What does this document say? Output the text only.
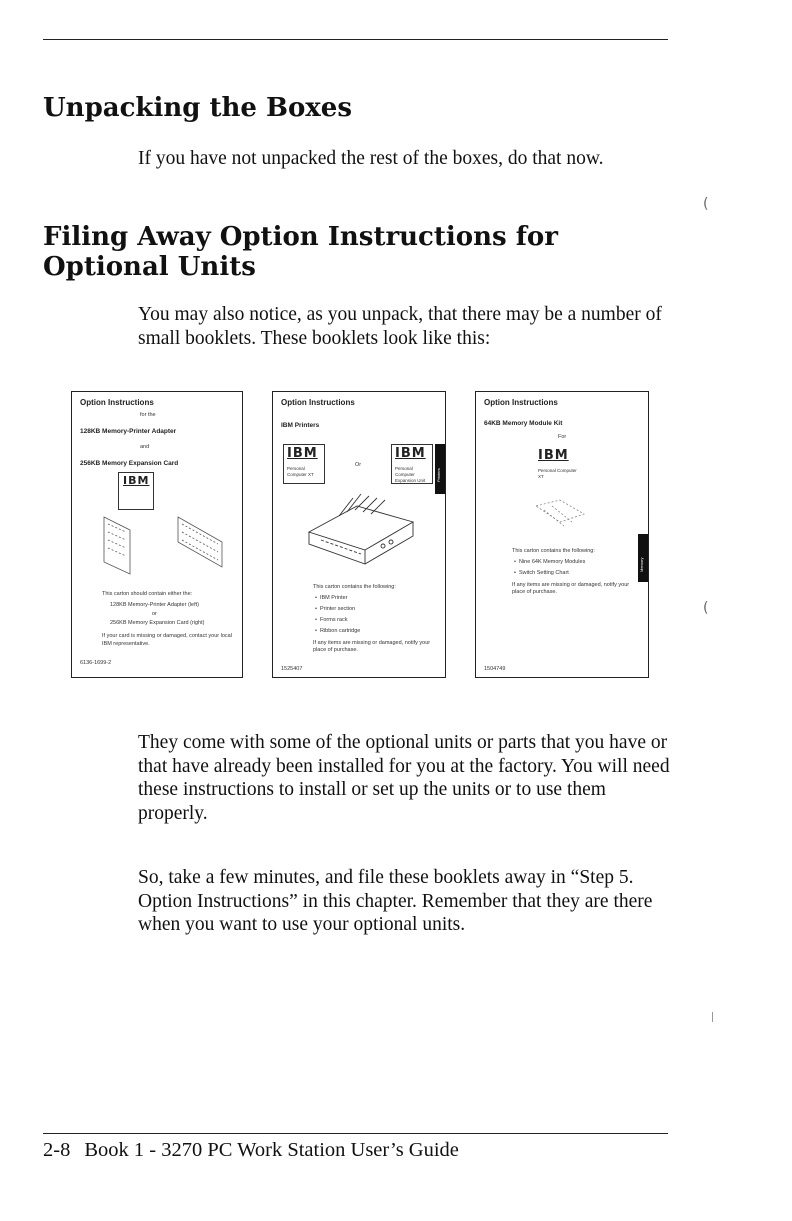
Unpacking the Boxes

If you have not unpacked the rest of the boxes, do that now.

Filing Away Option Instructions for Optional Units

You may also notice, as you unpack, that there may be a number of small booklets. These booklets look like this:

Option Instructions
for the
128KB Memory-Printer Adapter
and
256KB Memory Expansion Card
IBM
This carton should contain either the:
128KB Memory-Printer Adapter (left)
or
256KB Memory Expansion Card (right)
If your card is missing or damaged, contact your local IBM representative.
6136-1699-2
Option Instructions
IBM Printers
IBM
Personal Computer XT
Or
IBM
Personal Computer Expansion Unit	Printers
This carton contains the following:
•  IBM Printer
•  Printer section
•  Forms rack
•  Ribbon cartridge
If any items are missing or damaged, notify your place of purchase.
1525407
Option Instructions
64KB Memory Module Kit
For
IBM
Personal Computer XT
Memory
This carton contains the following:
•  Nine 64K Memory Modules
•  Switch Setting Chart
If any items are missing or damaged, notify your place of purchase.
1504749

They come with some of the optional units or parts that you have or that have already been installed for you at the factory. You will need these instructions to install or set up the units or to use them properly.

So, take a few minutes, and file these booklets away in “Step 5. Option Instructions” in this chapter. Remember that they are there when you want to use your optional units.

(
(
2-8 Book 1 - 3270 PC Work Station User’s Guide
